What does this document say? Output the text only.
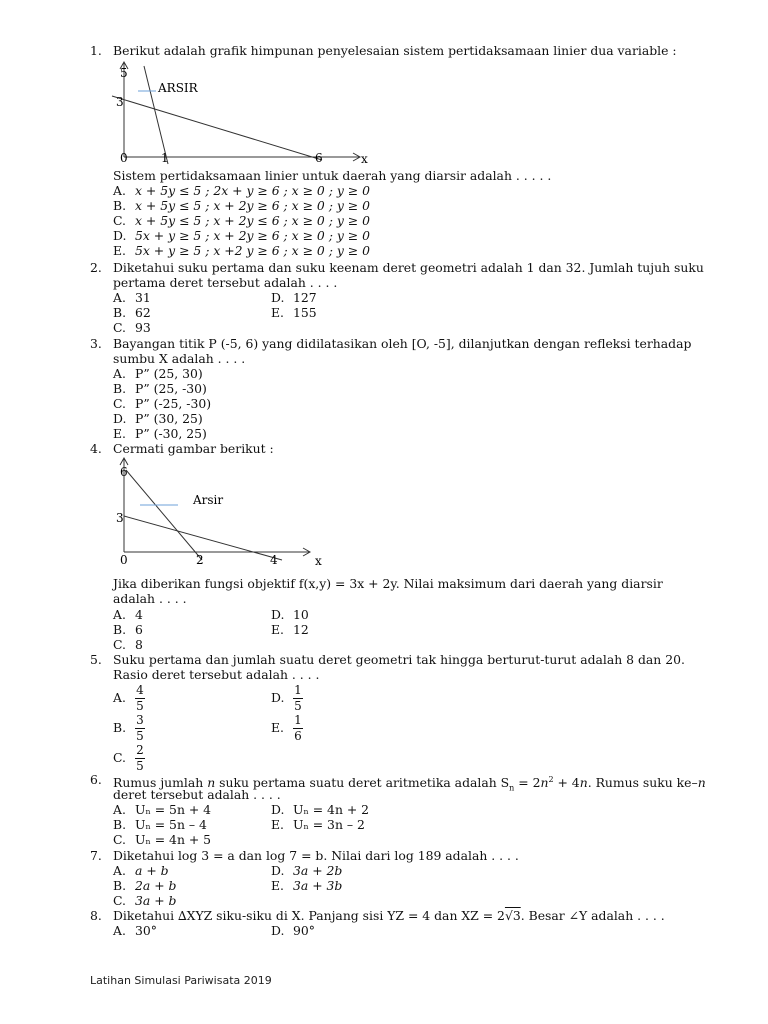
1. Berikut adalah grafik himpunan penyelesaian sistem pertidaksamaan linier dua variable :
5
3
0	1	6	x
ARSIR
Sistem pertidaksamaan linier untuk daerah yang diarsir adalah . . . . .
A. x + 5y ≤ 5 ; 2x + y ≥ 6 ; x ≥ 0 ; y ≥ 0
B. x + 5y ≤ 5 ; x + 2y ≥ 6 ; x ≥ 0 ; y ≥ 0
C. x + 5y ≤ 5 ; x + 2y ≤ 6 ; x ≥ 0 ; y ≥ 0
D. 5x + y ≥ 5 ; x + 2y ≥ 6 ; x ≥ 0 ; y ≥ 0
E. 5x + y ≥ 5 ; x +2 y ≥ 6 ; x ≥ 0 ; y ≥ 0
2. Diketahui suku pertama dan suku keenam deret geometri adalah 1 dan 32. Jumlah tujuh suku
pertama deret tersebut adalah . . . .
A. 31	D. 127
B. 62	E. 155
C. 93
3. Bayangan titik P (-5, 6) yang didilatasikan oleh [O, -5], dilanjutkan dengan refleksi terhadap
sumbu X adalah . . . .
A. P” (25, 30)
B. P” (25, -30)
C. P” (-25, -30)
D. P” (30, 25)
E. P” (-30, 25)
4. Cermati gambar berikut :
6
3
0	2	4	x
Arsir
Jika diberikan fungsi objektif f(x,y) = 3x + 2y. Nilai maksimum dari daerah yang diarsir
adalah . . . .
A. 4	D. 10
B. 6	E. 12
C. 8
5. Suku pertama dan jumlah suatu deret geometri tak hingga berturut-turut adalah 8 dan 20.
Rasio deret tersebut adalah . . . .
A. $\frac{4}{5}$	D. $\frac{1}{5}$
B. $\frac{3}{5}$	E. $\frac{1}{6}$
C. $\frac{2}{5}$
6. Rumus jumlah n suku pertama suatu deret aritmetika adalah $S_n = 2n^2 + 4n$. Rumus suku ke–n
deret tersebut adalah . . . .
A. Uₙ = 5n + 4	D. Uₙ = 4n + 2
B. Uₙ = 5n – 4	E. Uₙ = 3n – 2
C. Uₙ = 4n + 5
7. Diketahui log 3 = a dan log 7 = b. Nilai dari log 189 adalah . . . .
A. a + b	D. 3a + 2b
B. 2a + b	E. 3a + 3b
C. 3a + b
8. Diketahui ∆XYZ siku-siku di X. Panjang sisi YZ = 4 dan XZ = 2√3. Besar ∠Y adalah . . . .
A. 30°	D. 90°
Latihan Simulasi Pariwisata 2019
